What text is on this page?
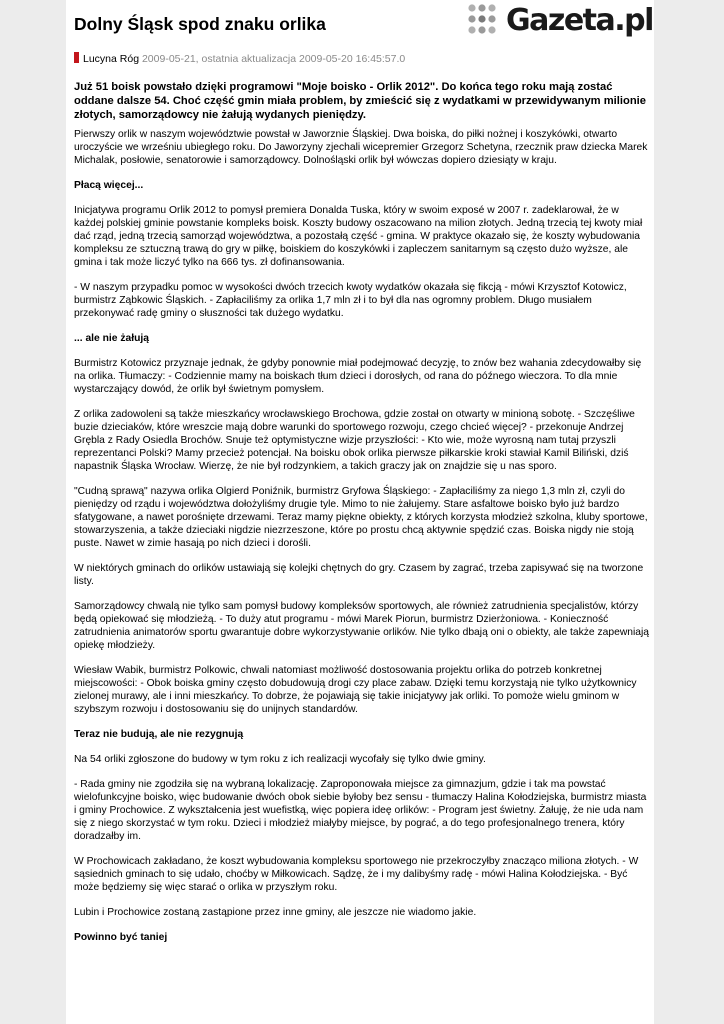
Dolny Śląsk spod znaku orlika	Gazeta.pl
Lucyna Róg 2009-05-21, ostatnia aktualizacja 2009-05-20 16:45:57.0
Już 51 boisk powstało dzięki programowi "Moje boisko - Orlik 2012". Do końca tego roku mają zostać oddane dalsze 54. Choć część gmin miała problem, by zmieścić się z wydatkami w przewidywanym milionie złotych, samorządowcy nie żałują wydanych pieniędzy.

Pierwszy orlik w naszym województwie powstał w Jaworznie Śląskiej. Dwa boiska, do piłki nożnej i koszykówki, otwarto uroczyście we wrześniu ubiegłego roku. Do Jaworzyny zjechali wicepremier Grzegorz Schetyna, rzecznik praw dziecka Marek Michalak, posłowie, senatorowie i samorządowcy. Dolnośląski orlik był wówczas dopiero dziesiąty w kraju.

Płacą więcej...

Inicjatywa programu Orlik 2012 to pomysł premiera Donalda Tuska, który w swoim exposé w 2007 r. zadeklarował, że w każdej polskiej gminie powstanie kompleks boisk. Koszty budowy oszacowano na milion złotych. Jedną trzecią tej kwoty miał dać rząd, jedną trzecią samorząd województwa, a pozostałą część - gmina. W praktyce okazało się, że koszty wybudowania kompleksu ze sztuczną trawą do gry w piłkę, boiskiem do koszykówki i zapleczem sanitarnym są często dużo wyższe, ale gmina i tak może liczyć tylko na 666 tys. zł dofinansowania.

- W naszym przypadku pomoc w wysokości dwóch trzecich kwoty wydatków okazała się fikcją - mówi Krzysztof Kotowicz, burmistrz Ząbkowic Śląskich. - Zapłaciliśmy za orlika 1,7 mln zł i to był dla nas ogromny problem. Długo musiałem przekonywać radę gminy o słuszności tak dużego wydatku.

... ale nie żałują

Burmistrz Kotowicz przyznaje jednak, że gdyby ponownie miał podejmować decyzję, to znów bez wahania zdecydowałby się na orlika. Tłumaczy: - Codziennie mamy na boiskach tłum dzieci i dorosłych, od rana do późnego wieczora. To dla mnie wystarczający dowód, że orlik był świetnym pomysłem.

Z orlika zadowoleni są także mieszkańcy wrocławskiego Brochowa, gdzie został on otwarty w minioną sobotę. - Szczęśliwe buzie dzieciaków, które wreszcie mają dobre warunki do sportowego rozwoju, czego chcieć więcej? - przekonuje Andrzej Grębla z Rady Osiedla Brochów. Snuje też optymistyczne wizje przyszłości: - Kto wie, może wyrosną nam tutaj przyszli reprezentanci Polski? Mamy przecież potencjał. Na boisku obok orlika pierwsze piłkarskie kroki stawiał Kamil Biliński, dziś napastnik Śląska Wrocław. Wierzę, że nie był rodzynkiem, a takich graczy jak on znajdzie się u nas sporo.

"Cudną sprawą" nazywa orlika Olgierd Poniźnik, burmistrz Gryfowa Śląskiego: - Zapłaciliśmy za niego 1,3 mln zł, czyli do pieniędzy od rządu i województwa dołożyliśmy drugie tyle. Mimo to nie żałujemy. Stare asfaltowe boisko było już bardzo sfatygowane, a nawet porośnięte drzewami. Teraz mamy piękne obiekty, z których korzysta młodzież szkolna, kluby sportowe, stowarzyszenia, a także dzieciaki nigdzie niezrzeszone, które po prostu chcą aktywnie spędzić czas. Boiska nigdy nie stoją puste. Nawet w zimie hasają po nich dzieci i dorośli.

W niektórych gminach do orlików ustawiają się kolejki chętnych do gry. Czasem by zagrać, trzeba zapisywać się na tworzone listy.

Samorządowcy chwalą nie tylko sam pomysł budowy kompleksów sportowych, ale również zatrudnienia specjalistów, którzy będą opiekować się młodzieżą. - To duży atut programu - mówi Marek Piorun, burmistrz Dzierżoniowa. - Konieczność zatrudnienia animatorów sportu gwarantuje dobre wykorzystywanie orlików. Nie tylko dbają oni o obiekty, ale także zapewniają opiekę młodzieży.

Wiesław Wabik, burmistrz Polkowic, chwali natomiast możliwość dostosowania projektu orlika do potrzeb konkretnej miejscowości: - Obok boiska gminy często dobudowują drogi czy place zabaw. Dzięki temu korzystają nie tylko użytkownicy zielonej murawy, ale i inni mieszkańcy. To dobrze, że pojawiają się takie inicjatywy jak orliki. To pomoże wielu gminom w szybszym rozwoju i dostosowaniu się do unijnych standardów.

Teraz nie budują, ale nie rezygnują

Na 54 orliki zgłoszone do budowy w tym roku z ich realizacji wycofały się tylko dwie gminy.

- Rada gminy nie zgodziła się na wybraną lokalizację. Zaproponowała miejsce za gimnazjum, gdzie i tak ma powstać wielofunkcyjne boisko, więc budowanie dwóch obok siebie byłoby bez sensu - tłumaczy Halina Kołodziejska, burmistrz miasta i gminy Prochowice. Z wykształcenia jest wuefistką, więc popiera ideę orlików: - Program jest świetny. Żałuję, że nie uda nam się z niego skorzystać w tym roku. Dzieci i młodzież miałyby miejsce, by pograć, a do tego profesjonalnego trenera, który doradzałby im.

W Prochowicach zakładano, że koszt wybudowania kompleksu sportowego nie przekroczyłby znacząco miliona złotych. - W sąsiednich gminach to się udało, choćby w Miłkowicach. Sądzę, że i my dalibyśmy radę - mówi Halina Kołodziejska. - Być może będziemy się więc starać o orlika w przyszłym roku.

Lubin i Prochowice zostaną zastąpione przez inne gminy, ale jeszcze nie wiadomo jakie.

Powinno być taniej
